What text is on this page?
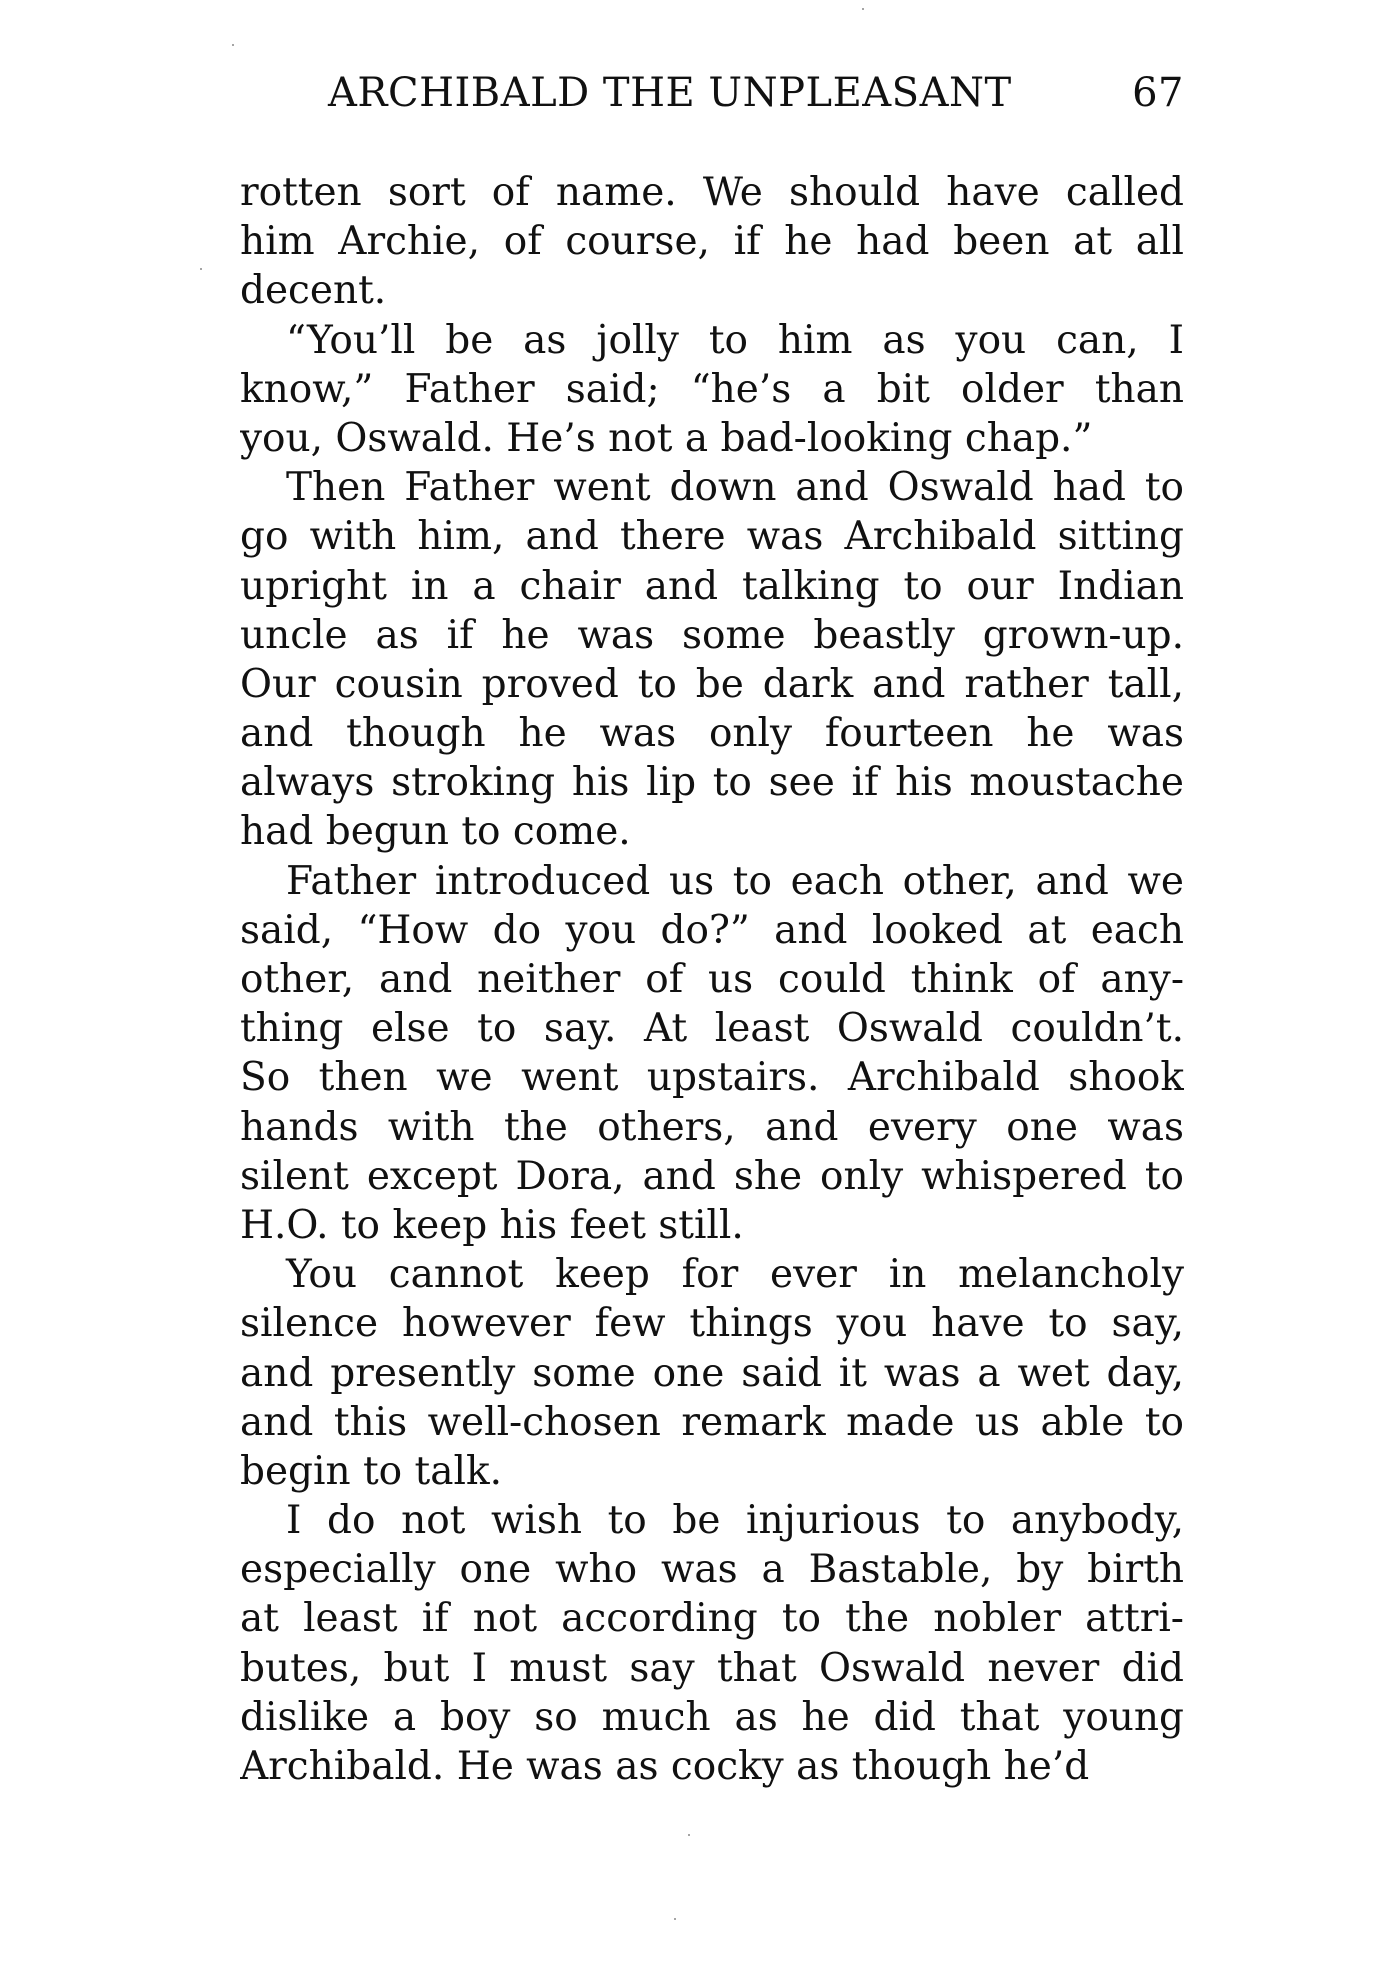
ARCHIBALD THE UNPLEASANT	67
rotten sort of name. We should have called
him Archie, of course, if he had been at all
decent.
“You’ll be as jolly to him as you can, I
know,” Father said; “he’s a bit older than
you, Oswald. He’s not a bad-looking chap.”
Then Father went down and Oswald had to
go with him, and there was Archibald sitting
upright in a chair and talking to our Indian
uncle as if he was some beastly grown-up.
Our cousin proved to be dark and rather tall,
and though he was only fourteen he was
always stroking his lip to see if his moustache
had begun to come.
Father introduced us to each other, and we
said, “How do you do?” and looked at each
other, and neither of us could think of any-
thing else to say. At least Oswald couldn’t.
So then we went upstairs. Archibald shook
hands with the others, and every one was
silent except Dora, and she only whispered to
H.O. to keep his feet still.
You cannot keep for ever in melancholy
silence however few things you have to say,
and presently some one said it was a wet day,
and this well-chosen remark made us able to
begin to talk.
I do not wish to be injurious to anybody,
especially one who was a Bastable, by birth
at least if not according to the nobler attri-
butes, but I must say that Oswald never did
dislike a boy so much as he did that young
Archibald. He was as cocky as though he’d
